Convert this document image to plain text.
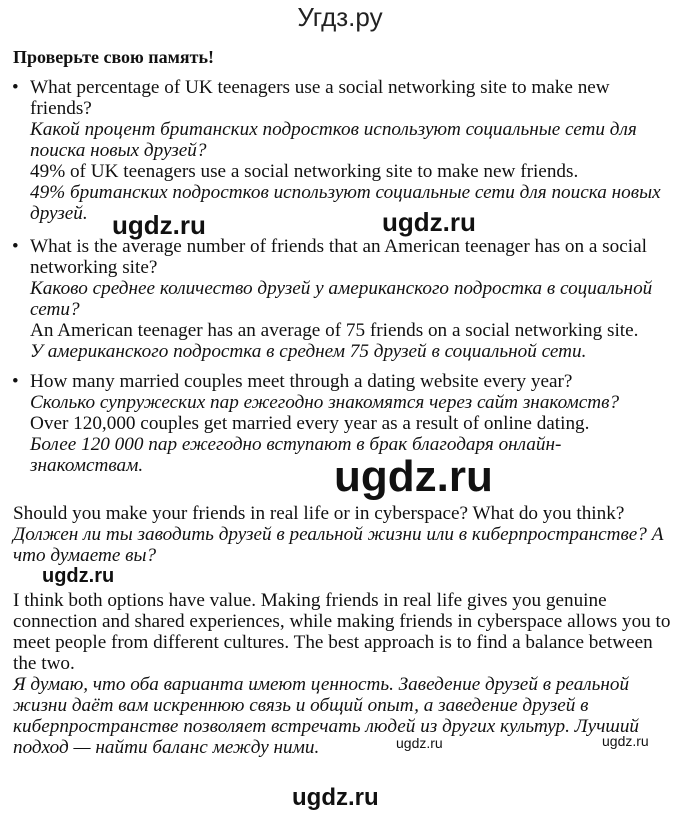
Угдз.ру
Проверьте свою память!
• What percentage of UK teenagers use a social networking site to make new friends?
Какой процент британских подростков используют социальные сети для поиска новых друзей?
49% of UK teenagers use a social networking site to make new friends.
49% британских подростков используют социальные сети для поиска новых друзей.
• What is the average number of friends that an American teenager has on a social networking site?
Каково среднее количество друзей у американского подростка в социальной сети?
An American teenager has an average of 75 friends on a social networking site.
У американского подростка в среднем 75 друзей в социальной сети.
• How many married couples meet through a dating website every year?
Сколько супружеских пар ежегодно знакомятся через сайт знакомств?
Over 120,000 couples get married every year as a result of online dating.
Более 120 000 пар ежегодно вступают в брак благодаря онлайн-знакомствам.
Should you make your friends in real life or in cyberspace? What do you think?
Должен ли ты заводить друзей в реальной жизни или в киберпространстве? А что думаете вы?
I think both options have value. Making friends in real life gives you genuine connection and shared experiences, while making friends in cyberspace allows you to meet people from different cultures. The best approach is to find a balance between the two.
Я думаю, что оба варианта имеют ценность. Заведение друзей в реальной жизни даёт вам искреннюю связь и общий опыт, а заведение друзей в киберпространстве позволяет встречать людей из других культур. Лучший подход — найти баланс между ними.
ugdz.ru	ugdz.ru
ugdz.ru
ugdz.ru
ugdz.ru	ugdz.ru
ugdz.ru
